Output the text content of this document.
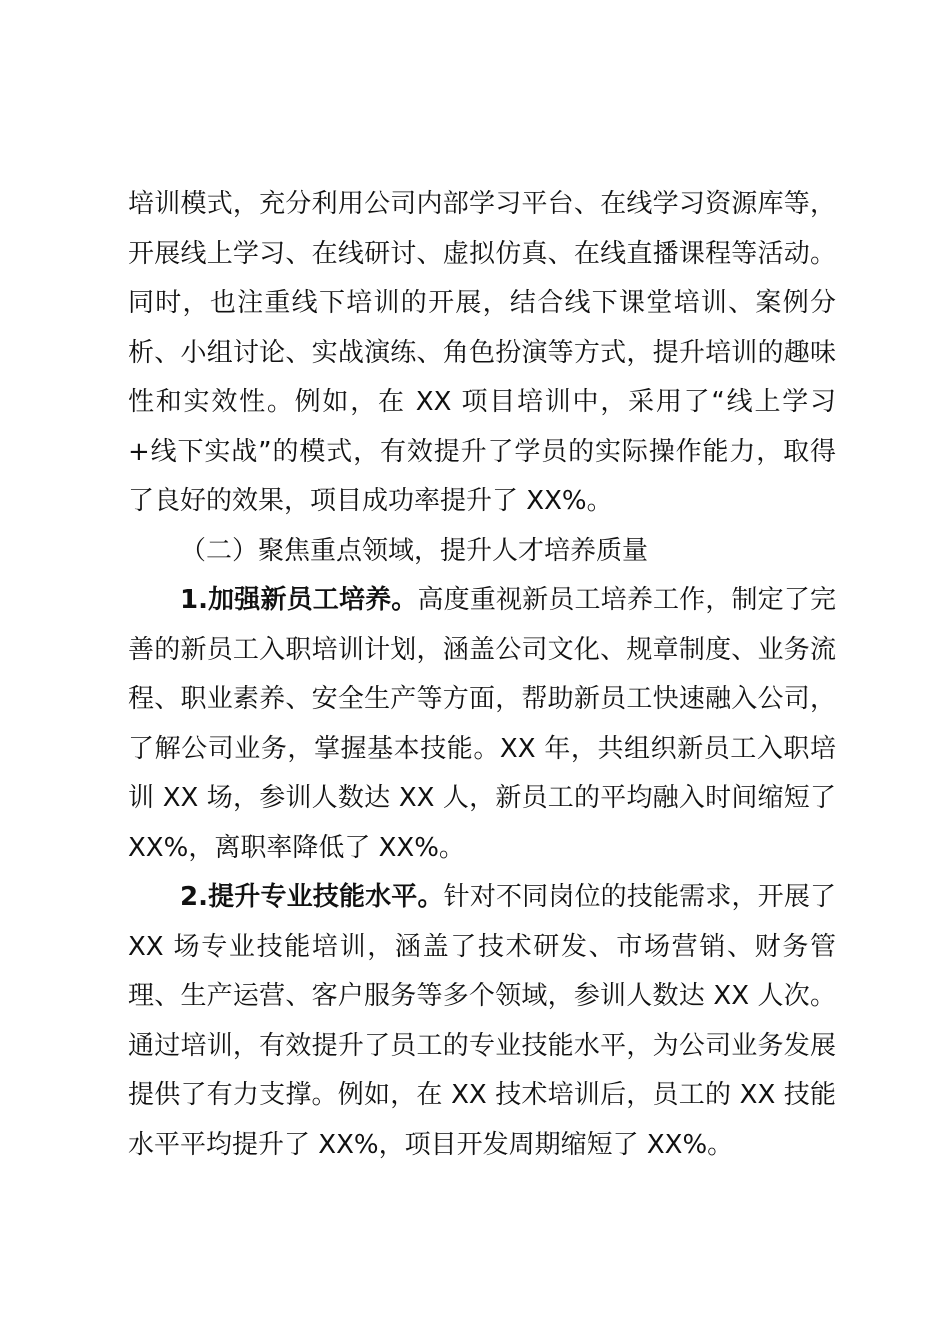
培训模式，充分利用公司内部学习平台、在线学习资源库等，开展线上学习、在线研讨、虚拟仿真、在线直播课程等活动。同时，也注重线下培训的开展，结合线下课堂培训、案例分析、小组讨论、实战演练、角色扮演等方式，提升培训的趣味性和实效性。例如，在 XX 项目培训中，采用了“线上学习+线下实战”的模式，有效提升了学员的实际操作能力，取得了良好的效果，项目成功率提升了 XX%。

（二）聚焦重点领域，提升人才培养质量

1.加强新员工培养。高度重视新员工培养工作，制定了完善的新员工入职培训计划，涵盖公司文化、规章制度、业务流程、职业素养、安全生产等方面，帮助新员工快速融入公司，了解公司业务，掌握基本技能。XX 年，共组织新员工入职培训 XX 场，参训人数达 XX 人，新员工的平均融入时间缩短了 XX%，离职率降低了 XX%。

2.提升专业技能水平。针对不同岗位的技能需求，开展了 XX 场专业技能培训，涵盖了技术研发、市场营销、财务管理、生产运营、客户服务等多个领域，参训人数达 XX 人次。通过培训，有效提升了员工的专业技能水平，为公司业务发展提供了有力支撑。例如，在 XX 技术培训后，员工的 XX 技能水平平均提升了 XX%，项目开发周期缩短了 XX%。
